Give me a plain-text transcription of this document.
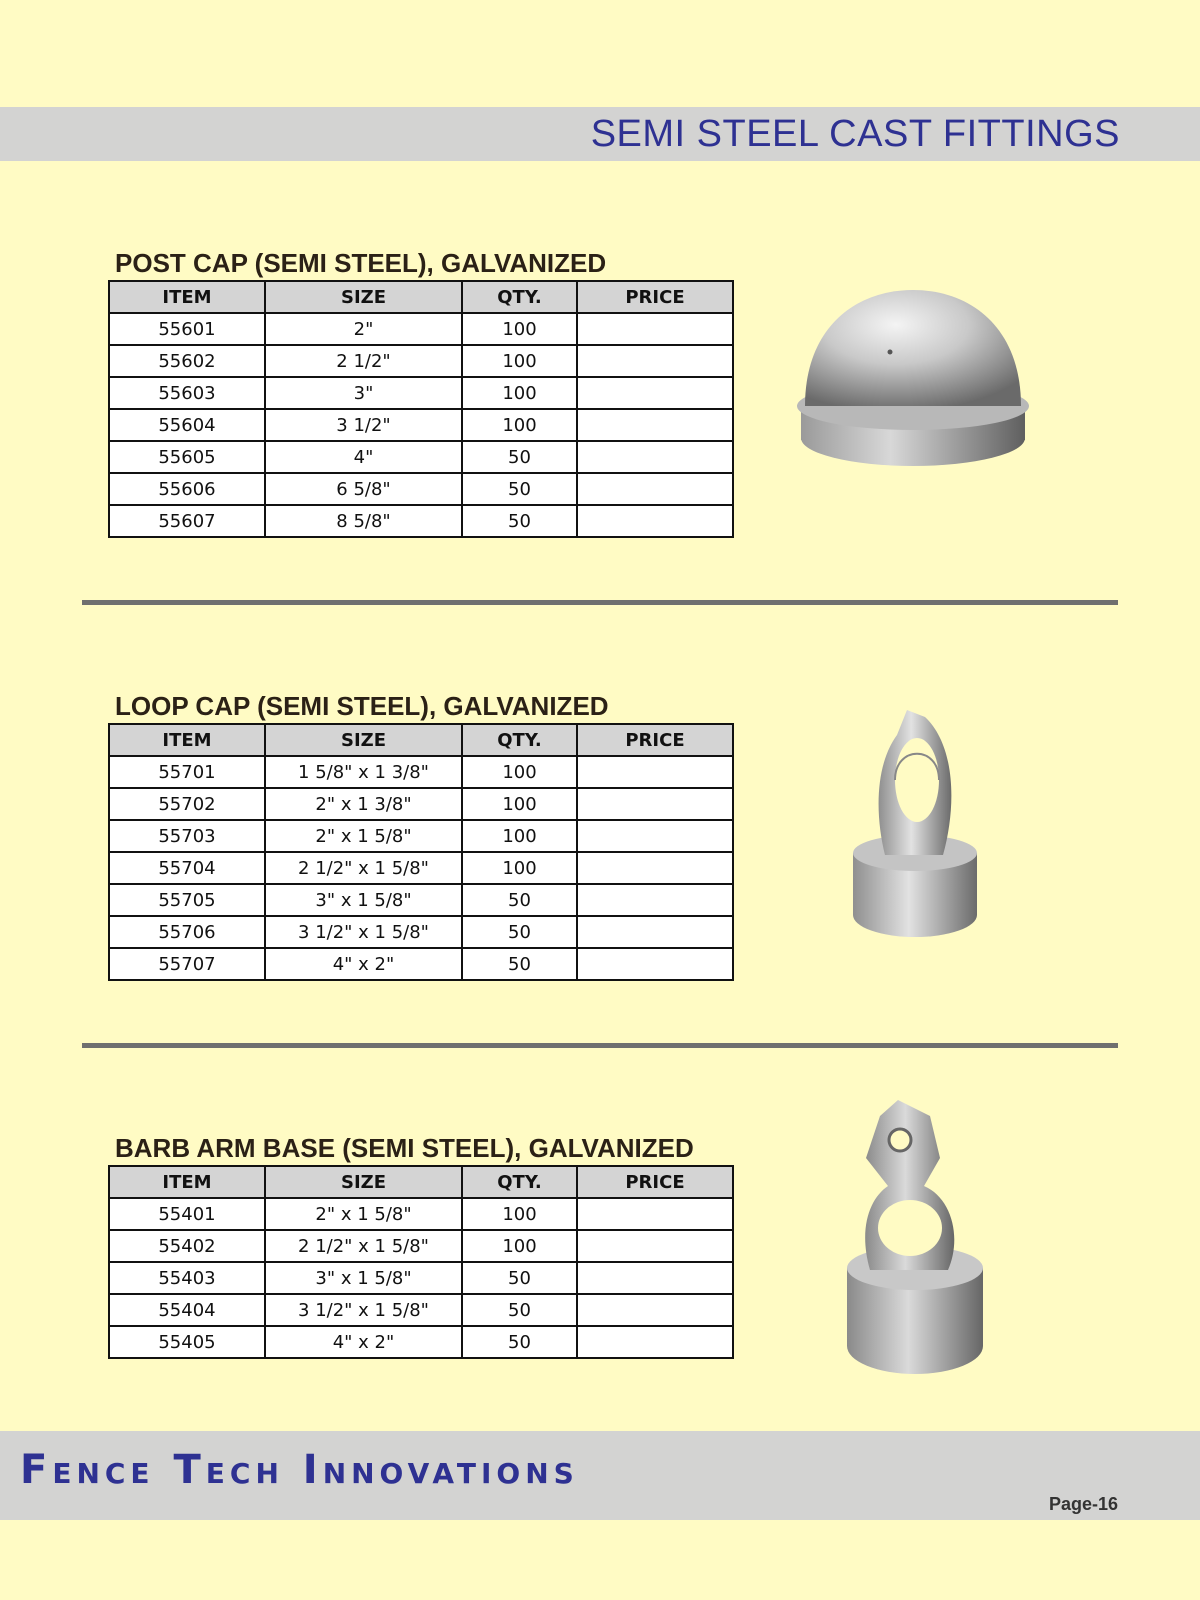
SEMI STEEL CAST FITTINGS
POST CAP (SEMI STEEL), GALVANIZED
ITEM	SIZE	QTY.	PRICE
55601	2"	100	
55602	2 1/2"	100	
55603	3"	100	
55604	3 1/2"	100	
55605	4"	50	
55606	6 5/8"	50	
55607	8 5/8"	50	
LOOP CAP (SEMI STEEL), GALVANIZED
ITEM	SIZE	QTY.	PRICE
55701	1 5/8" x 1 3/8"	100	
55702	2" x 1 3/8"	100	
55703	2" x 1 5/8"	100	
55704	2 1/2" x 1 5/8"	100	
55705	3" x 1 5/8"	50	
55706	3 1/2" x 1 5/8"	50	
55707	4" x 2"	50	
BARB ARM BASE (SEMI STEEL), GALVANIZED
ITEM	SIZE	QTY.	PRICE
55401	2" x 1 5/8"	100	
55402	2 1/2" x 1 5/8"	100	
55403	3" x 1 5/8"	50	
55404	3 1/2" x 1 5/8"	50	
55405	4" x 2"	50	
Fence Tech Innovations
Page-16
